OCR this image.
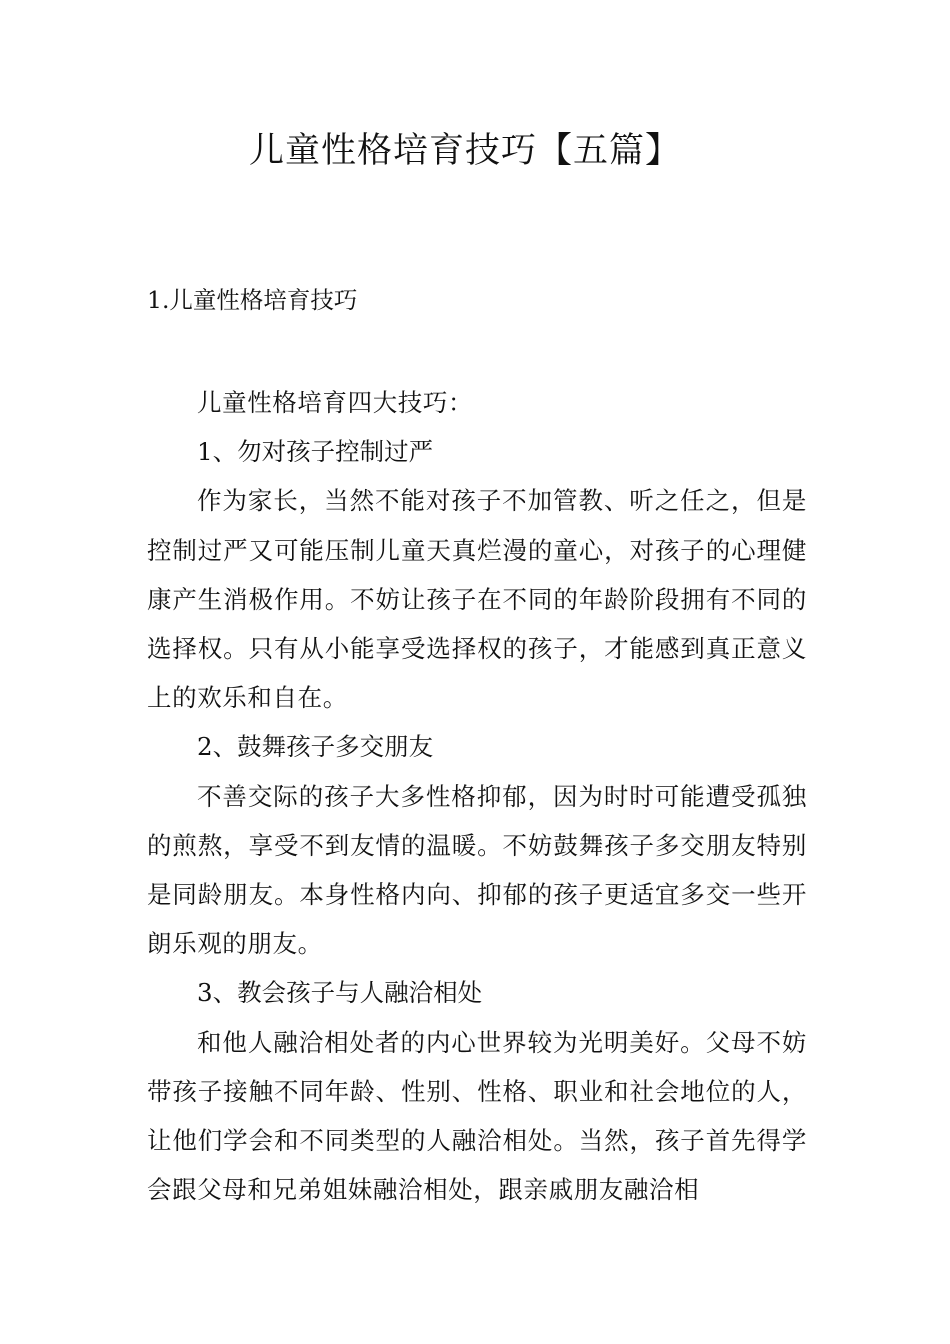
儿童性格培育技巧【五篇】
1.儿童性格培育技巧

儿童性格培育四大技巧：

1、勿对孩子控制过严

作为家长，当然不能对孩子不加管教、听之任之，但是控制过严又可能压制儿童天真烂漫的童心，对孩子的心理健康产生消极作用。不妨让孩子在不同的年龄阶段拥有不同的选择权。只有从小能享受选择权的孩子，才能感到真正意义上的欢乐和自在。

2、鼓舞孩子多交朋友

不善交际的孩子大多性格抑郁，因为时时可能遭受孤独的煎熬，享受不到友情的温暖。不妨鼓舞孩子多交朋友特别是同龄朋友。本身性格内向、抑郁的孩子更适宜多交一些开朗乐观的朋友。

3、教会孩子与人融洽相处

和他人融洽相处者的内心世界较为光明美好。父母不妨带孩子接触不同年龄、性别、性格、职业和社会地位的人，让他们学会和不同类型的人融洽相处。当然，孩子首先得学会跟父母和兄弟姐妹融洽相处，跟亲戚朋友融洽相
